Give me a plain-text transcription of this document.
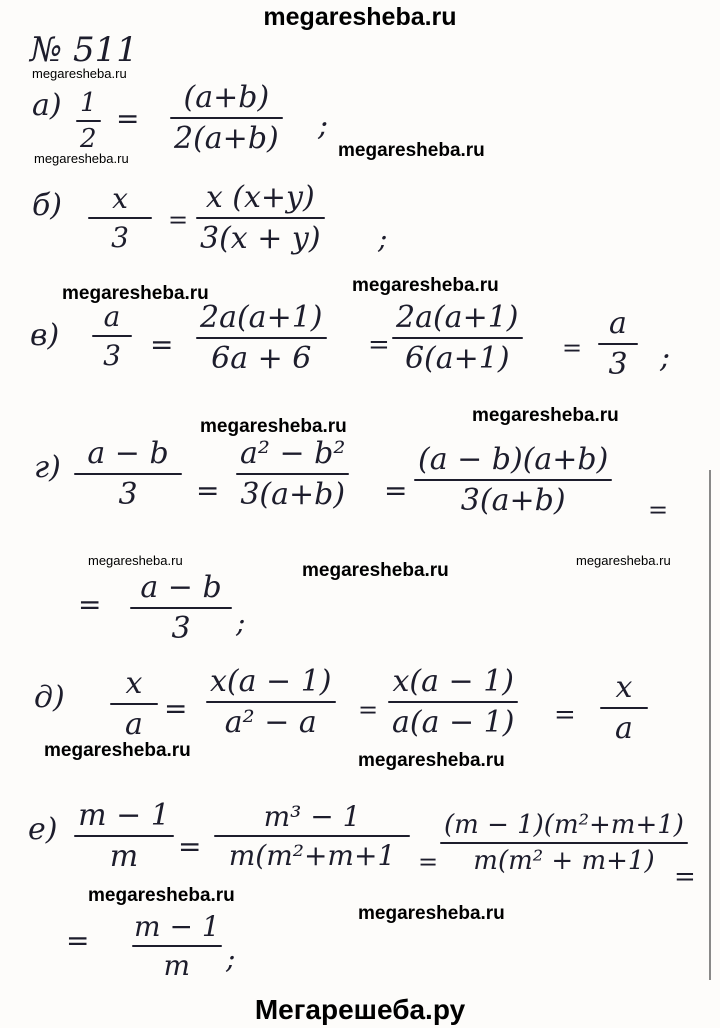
megaresheba.ru
№ 511
megaresheba.ru
megaresheba.ru	megaresheba.ru
megaresheba.ru
megaresheba.ru
megaresheba.ru
megaresheba.ru
megaresheba.ru	megaresheba.ru	megaresheba.ru
megaresheba.ru	megaresheba.ru
megaresheba.ru
megaresheba.ru
а) 1
2
=
(a+b)
2(a+b) ;
б) x
3
=
x (x+y)
3(x + y) ;
в)
a
3 =
2a(a+1)
6a + 6 =
2a(a+1)
6(a+1) =
a
3 ;
г) a − b
3 =
a² − b²
3(a+b) =
(a − b)(a+b)
3(a+b)	=
= a − b
3 ;
д) x
a =
x(a − 1)
a² − a =
x(a − 1)
a(a − 1) =
x
a
е) m − 1
m =
m³ − 1
m(m²+m+1 =
(m − 1)(m²+m+1)
m(m² + m+1)
=
= m − 1
m ;
Мегарешеба.ру
